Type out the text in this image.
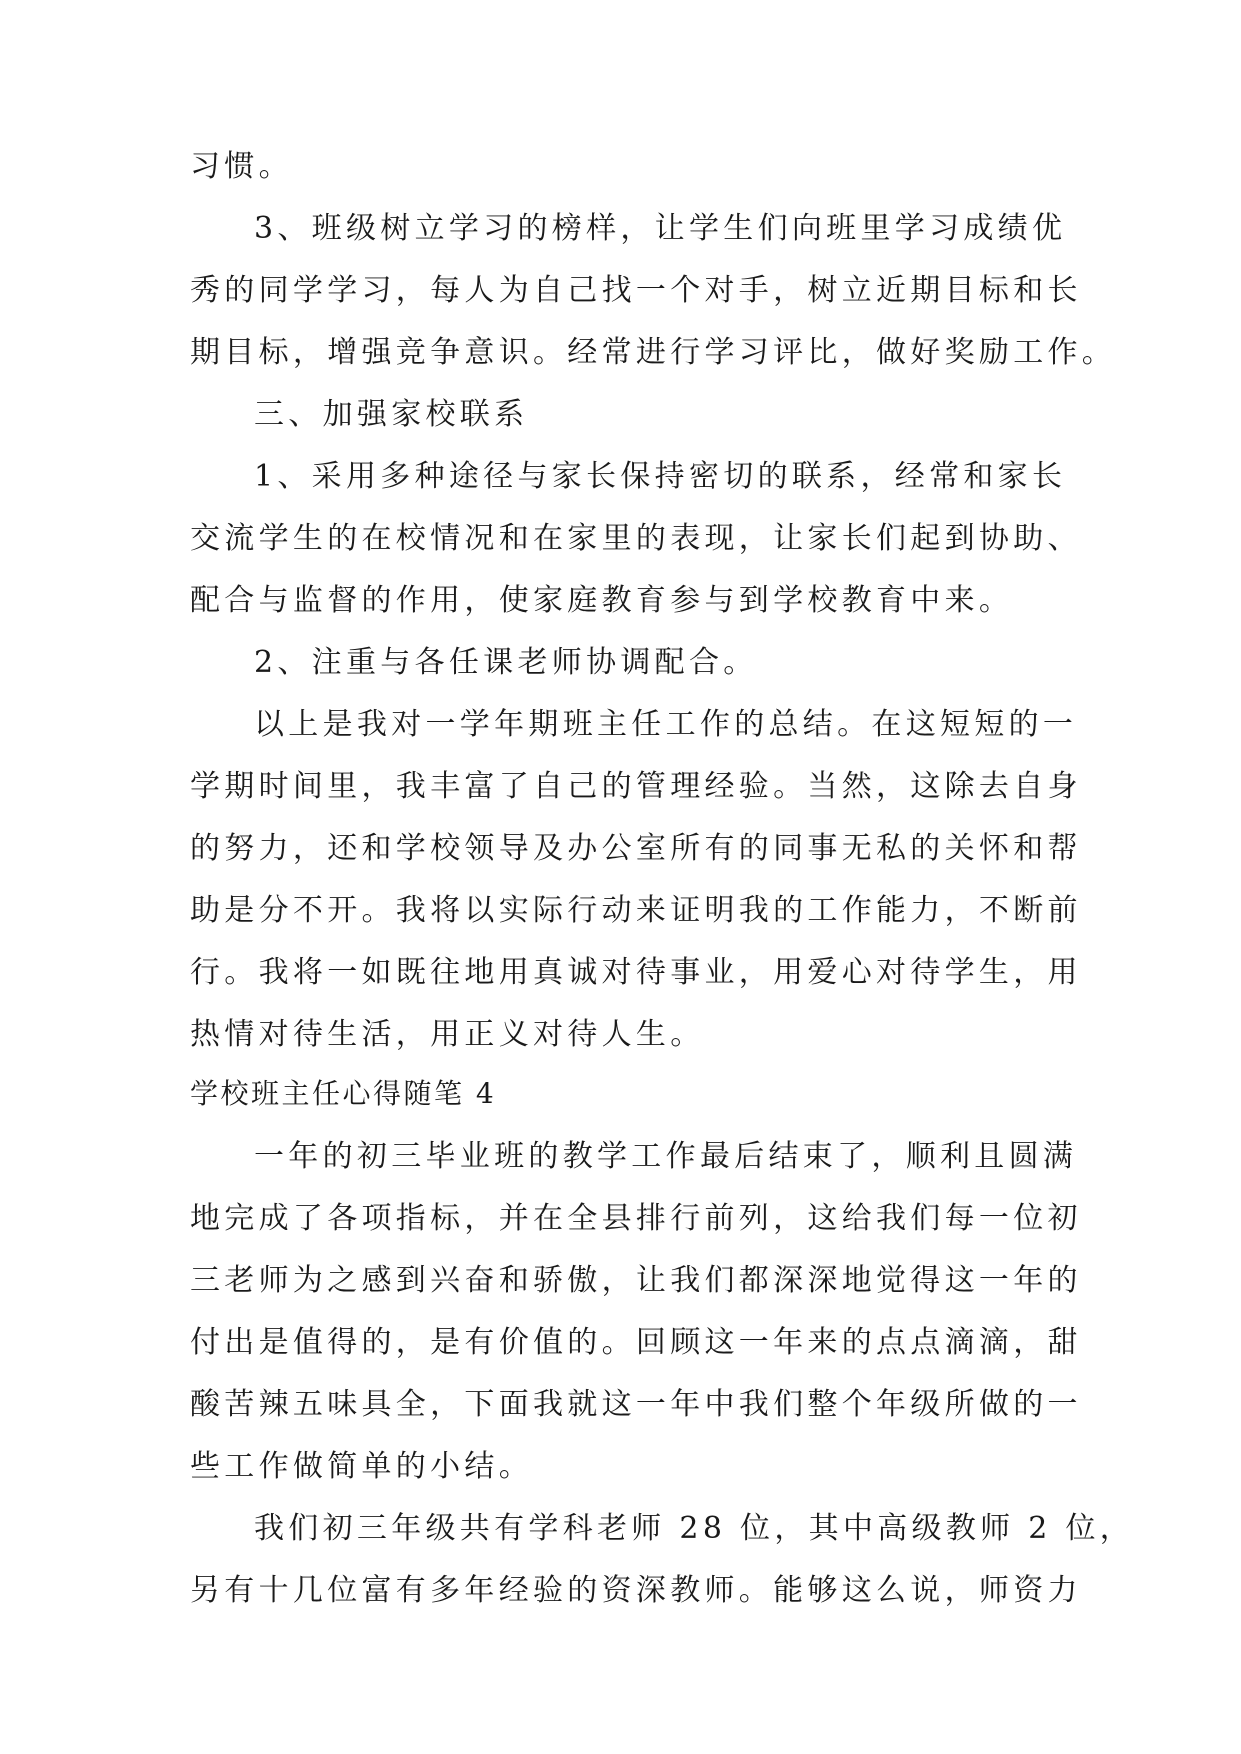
习惯。
3、班级树立学习的榜样，让学生们向班里学习成绩优
秀的同学学习，每人为自己找一个对手，树立近期目标和长
期目标，增强竞争意识。经常进行学习评比，做好奖励工作。
三、加强家校联系
1、采用多种途径与家长保持密切的联系，经常和家长
交流学生的在校情况和在家里的表现，让家长们起到协助、
配合与监督的作用，使家庭教育参与到学校教育中来。
2、注重与各任课老师协调配合。
以上是我对一学年期班主任工作的总结。在这短短的一
学期时间里，我丰富了自己的管理经验。当然，这除去自身
的努力，还和学校领导及办公室所有的同事无私的关怀和帮
助是分不开。我将以实际行动来证明我的工作能力，不断前
行。我将一如既往地用真诚对待事业，用爱心对待学生，用
热情对待生活，用正义对待人生。
学校班主任心得随笔 4
一年的初三毕业班的教学工作最后结束了，顺利且圆满
地完成了各项指标，并在全县排行前列，这给我们每一位初
三老师为之感到兴奋和骄傲，让我们都深深地觉得这一年的
付出是值得的，是有价值的。回顾这一年来的点点滴滴，甜
酸苦辣五味具全，下面我就这一年中我们整个年级所做的一
些工作做简单的小结。
我们初三年级共有学科老师 28 位，其中高级教师 2 位，
另有十几位富有多年经验的资深教师。能够这么说，师资力
